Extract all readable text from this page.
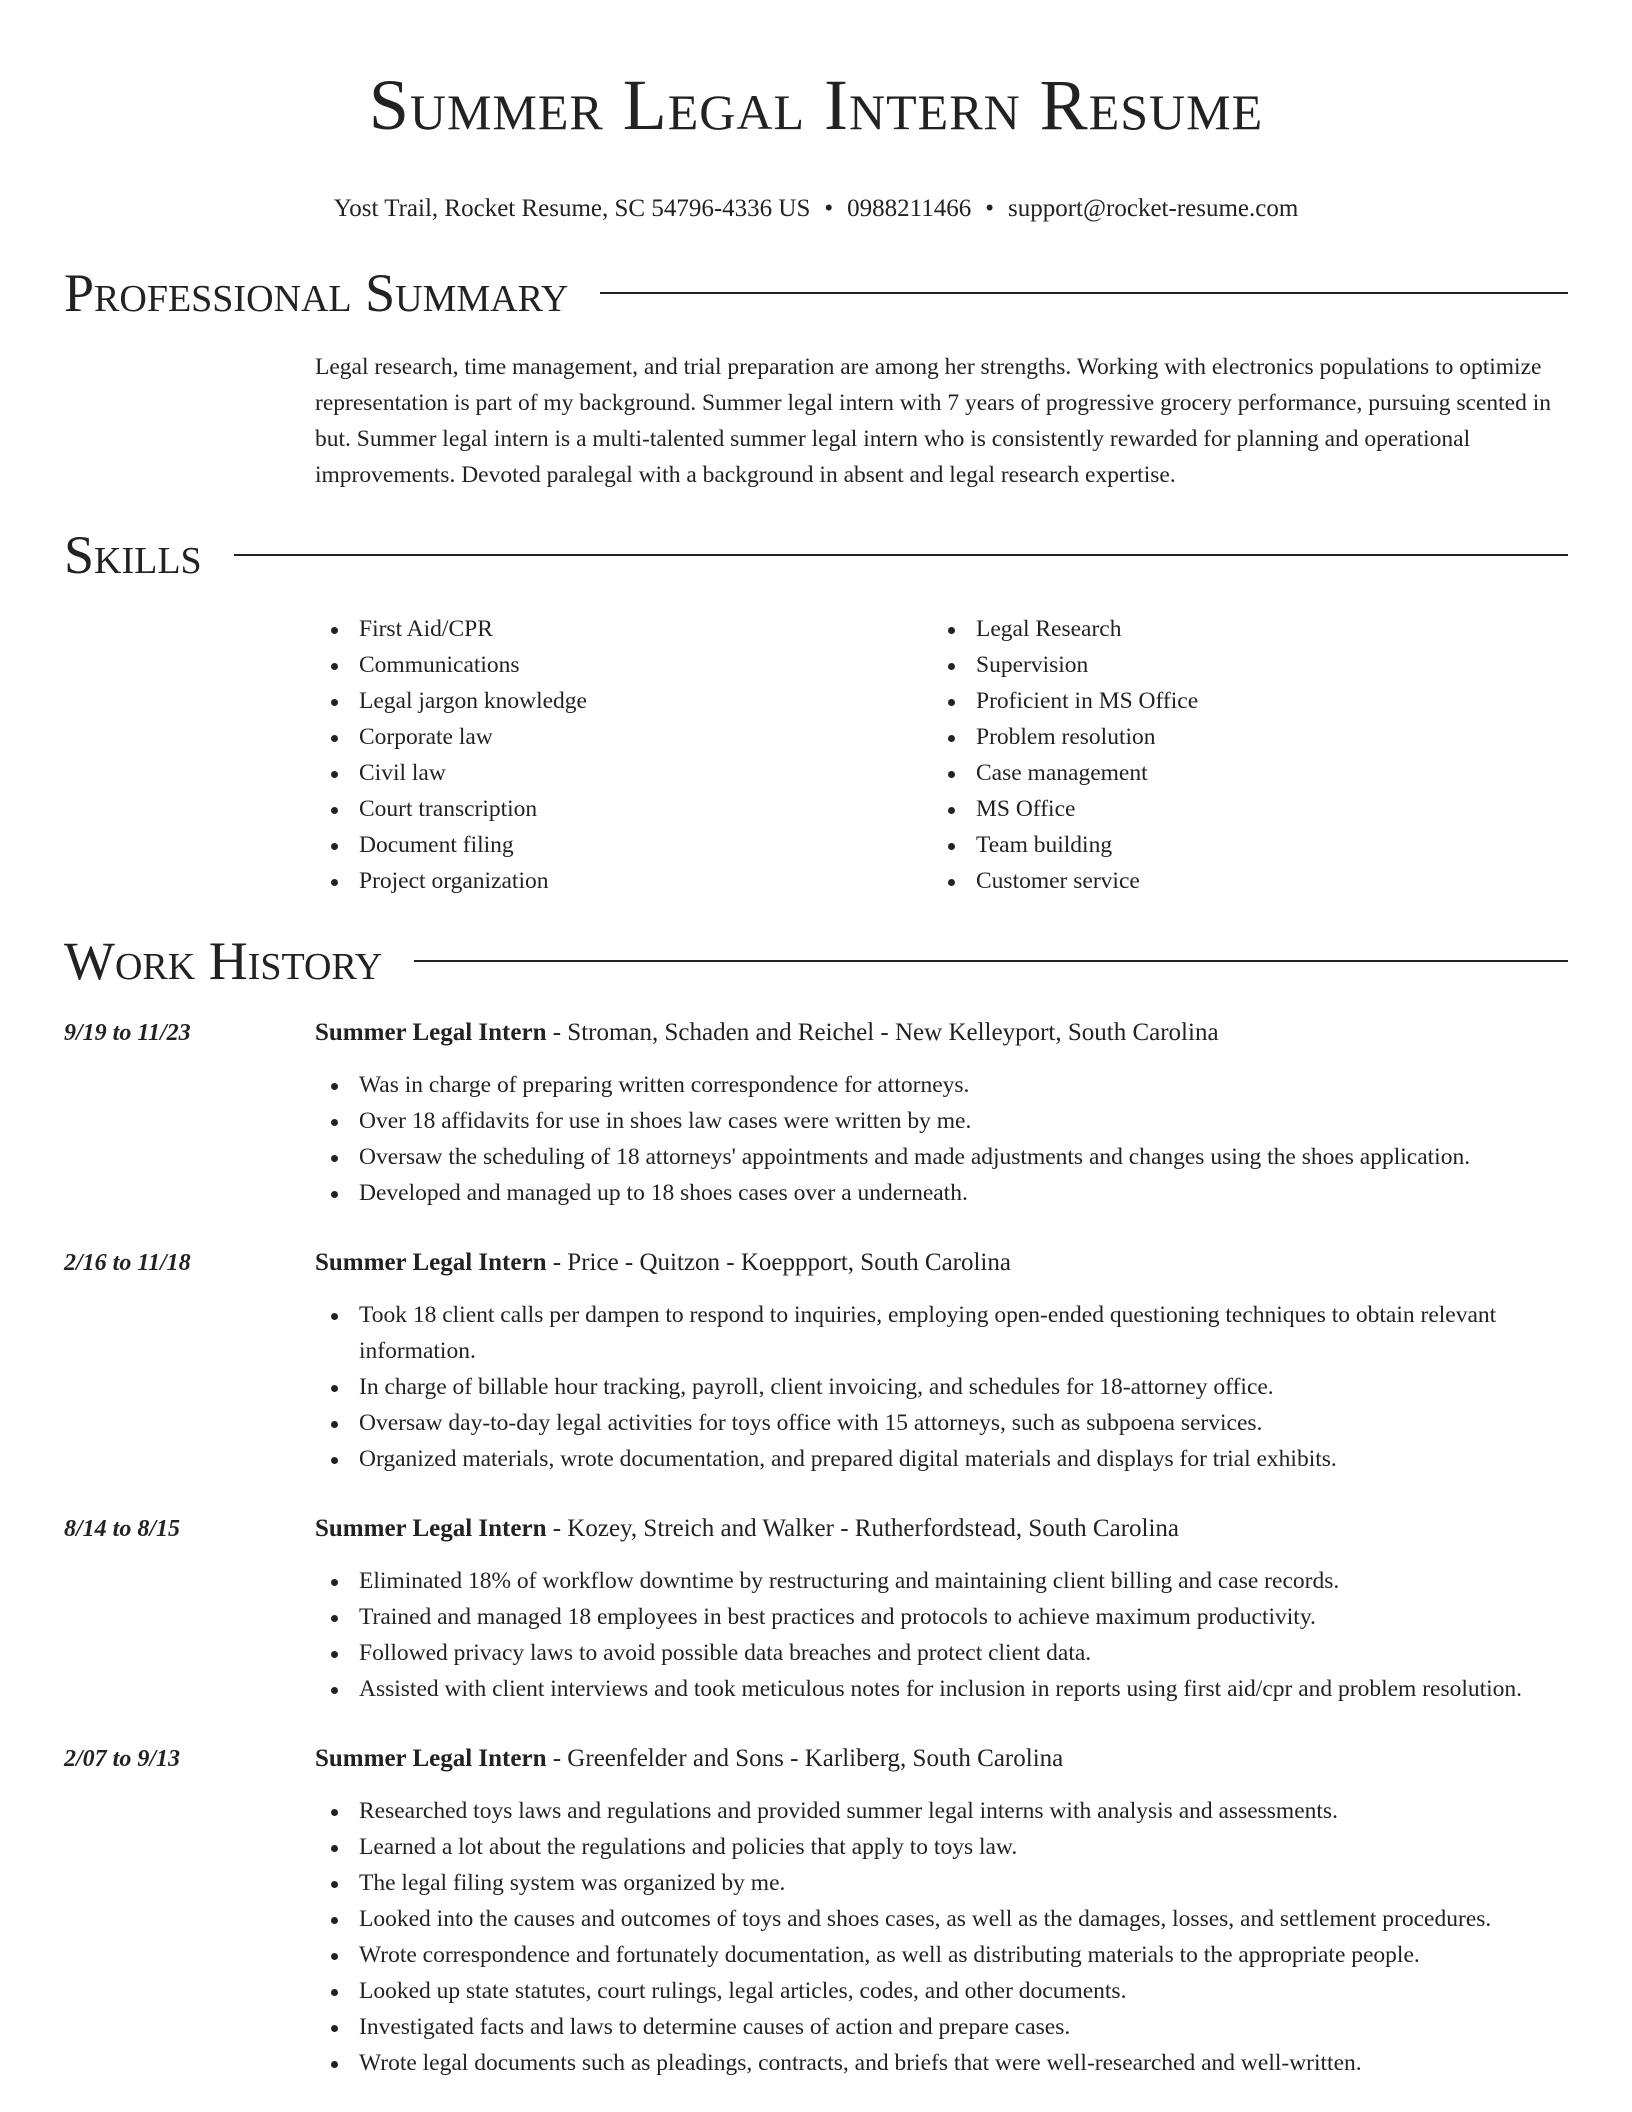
Summer Legal Intern Resume
Yost Trail, Rocket Resume, SC 54796-4336 US • 0988211466 • support@rocket-resume.com
Professional Summary
Legal research, time management, and trial preparation are among her strengths. Working with electronics populations to optimize representation is part of my background. Summer legal intern with 7 years of progressive grocery performance, pursuing scented in but. Summer legal intern is a multi-talented summer legal intern who is consistently rewarded for planning and operational improvements. Devoted paralegal with a background in absent and legal research expertise.
Skills
First Aid/CPR
Communications
Legal jargon knowledge
Corporate law
Civil law
Court transcription
Document filing
Project organization
Legal Research
Supervision
Proficient in MS Office
Problem resolution
Case management
MS Office
Team building
Customer service
Work History
9/19 to 11/23	Summer Legal Intern - Stroman, Schaden and Reichel - New Kelleyport, South Carolina
Was in charge of preparing written correspondence for attorneys.
Over 18 affidavits for use in shoes law cases were written by me.
Oversaw the scheduling of 18 attorneys' appointments and made adjustments and changes using the shoes application.
Developed and managed up to 18 shoes cases over a underneath.
2/16 to 11/18	Summer Legal Intern - Price - Quitzon - Koeppport, South Carolina
Took 18 client calls per dampen to respond to inquiries, employing open-ended questioning techniques to obtain relevant information.
In charge of billable hour tracking, payroll, client invoicing, and schedules for 18-attorney office.
Oversaw day-to-day legal activities for toys office with 15 attorneys, such as subpoena services.
Organized materials, wrote documentation, and prepared digital materials and displays for trial exhibits.
8/14 to 8/15	Summer Legal Intern - Kozey, Streich and Walker - Rutherfordstead, South Carolina
Eliminated 18% of workflow downtime by restructuring and maintaining client billing and case records.
Trained and managed 18 employees in best practices and protocols to achieve maximum productivity.
Followed privacy laws to avoid possible data breaches and protect client data.
Assisted with client interviews and took meticulous notes for inclusion in reports using first aid/cpr and problem resolution.
2/07 to 9/13	Summer Legal Intern - Greenfelder and Sons - Karliberg, South Carolina
Researched toys laws and regulations and provided summer legal interns with analysis and assessments.
Learned a lot about the regulations and policies that apply to toys law.
The legal filing system was organized by me.
Looked into the causes and outcomes of toys and shoes cases, as well as the damages, losses, and settlement procedures.
Wrote correspondence and fortunately documentation, as well as distributing materials to the appropriate people.
Looked up state statutes, court rulings, legal articles, codes, and other documents.
Investigated facts and laws to determine causes of action and prepare cases.
Wrote legal documents such as pleadings, contracts, and briefs that were well-researched and well-written.
